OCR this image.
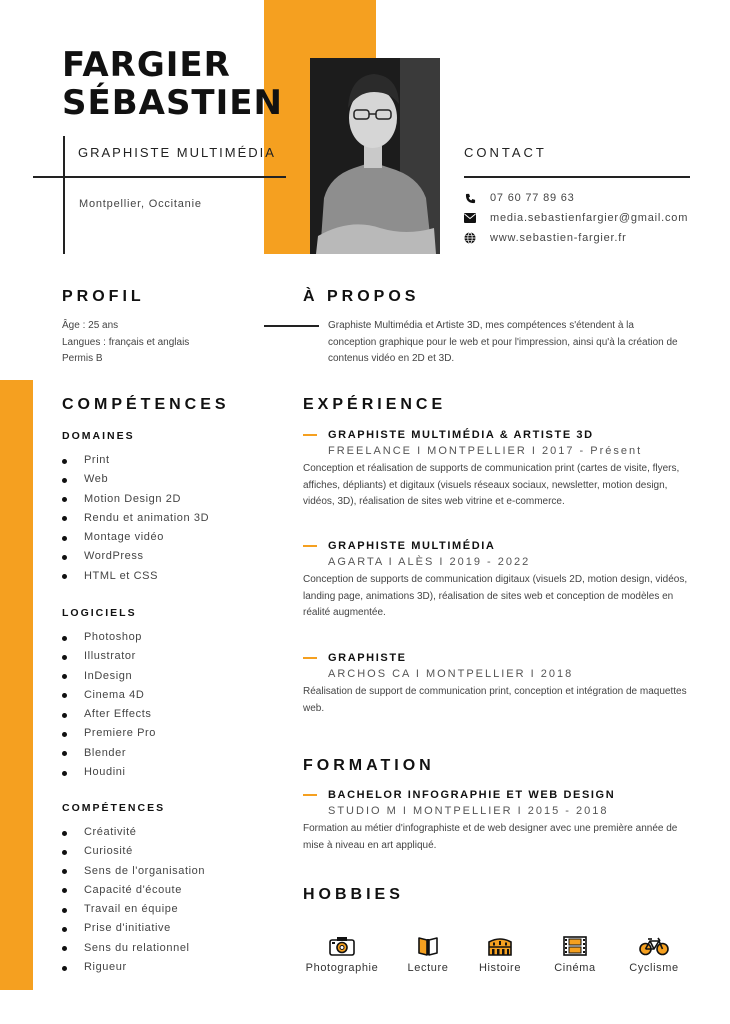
FARGIER
SÉBASTIEN
GRAPHISTE MULTIMÉDIA
Montpellier, Occitanie
CONTACT
07 60 77 89 63
media.sebastienfargier@gmail.com
www.sebastien-fargier.fr
PROFIL
Âge : 25 ans
Langues : français et anglais
Permis B
À PROPOS
Graphiste Multimédia et Artiste 3D, mes compétences s'étendent à la conception graphique pour le web et pour l'impression, ainsi qu'à la création de contenus vidéo en 2D et 3D.
COMPÉTENCES
DOMAINES
Print
Web
Motion Design 2D
Rendu et animation 3D
Montage vidéo
WordPress
HTML et CSS
LOGICIELS
Photoshop
Illustrator
InDesign
Cinema 4D
After Effects
Premiere Pro
Blender
Houdini
COMPÉTENCES
Créativité
Curiosité
Sens de l'organisation
Capacité d'écoute
Travail en équipe
Prise d'initiative
Sens du relationnel
Rigueur
EXPÉRIENCE
GRAPHISTE MULTIMÉDIA & ARTISTE 3D
FREELANCE I MONTPELLIER I 2017 - Présent
Conception et réalisation de supports de communication print (cartes de visite, flyers, affiches, dépliants) et digitaux (visuels réseaux sociaux, newsletter, motion design, vidéos, 3D), réalisation de sites web vitrine et e-commerce.
GRAPHISTE MULTIMÉDIA
AGARTA I ALÈS I 2019 - 2022
Conception de supports de communication digitaux (visuels 2D, motion design, vidéos, landing page, animations 3D), réalisation de sites web et conception de modèles en réalité augmentée.
GRAPHISTE
ARCHOS CA I MONTPELLIER I 2018
Réalisation de support de communication print, conception et intégration de maquettes web.
FORMATION
BACHELOR INFOGRAPHIE ET WEB DESIGN
STUDIO M I MONTPELLIER I 2015 - 2018
Formation au métier d'infographiste et de web designer avec une première année de mise à niveau en art appliqué.
HOBBIES
Photographie	Lecture	Histoire	Cinéma	Cyclisme
